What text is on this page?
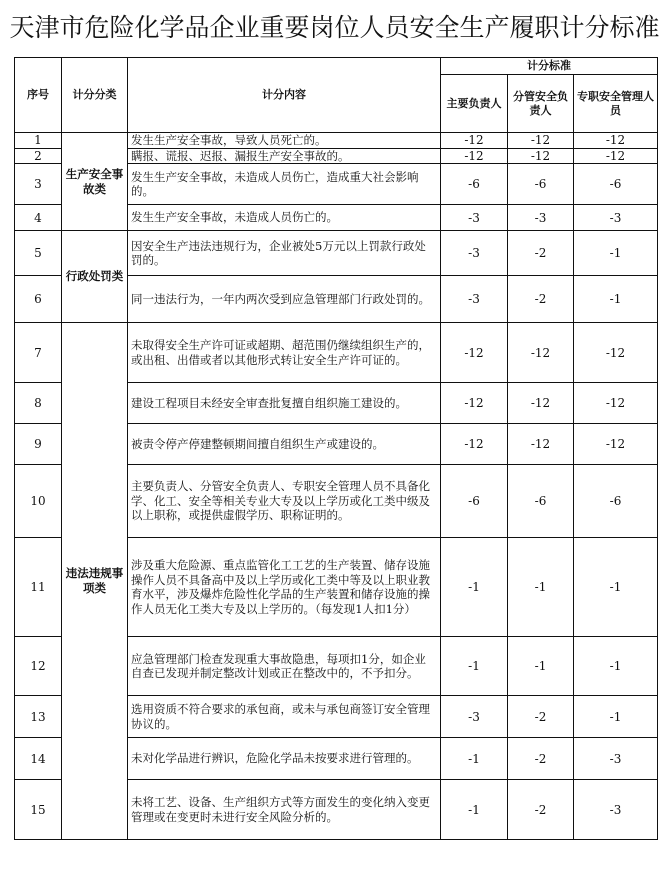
天津市危险化学品企业重要岗位人员安全生产履职计分标准
序号	计分分类	计分内容	计分标准		
			主要负责人	分管安全负责人	专职安全管理人员
1	生产安全事故类	发生生产安全事故，导致人员死亡的。	-12	-12	-12
2		瞒报、谎报、迟报、漏报生产安全事故的。	-12	-12	-12
3		发生生产安全事故，未造成人员伤亡，造成重大社会影响的。	-6	-6	-6
4		发生生产安全事故，未造成人员伤亡的。	-3	-3	-3
5	行政处罚类	因安全生产违法违规行为，企业被处5万元以上罚款行政处罚的。	-3	-2	-1
6		同一违法行为，一年内两次受到应急管理部门行政处罚的。	-3	-2	-1
7	违法违规事项类	未取得安全生产许可证或超期、超范围仍继续组织生产的，或出租、出借或者以其他形式转让安全生产许可证的。	-12	-12	-12
8		建设工程项目未经安全审查批复擅自组织施工建设的。	-12	-12	-12
9		被责令停产停建整顿期间擅自组织生产或建设的。	-12	-12	-12
10		主要负责人、分管安全负责人、专职安全管理人员不具备化学、化工、安全等相关专业大专及以上学历或化工类中级及以上职称，或提供虚假学历、职称证明的。	-6	-6	-6
11		涉及重大危险源、重点监管化工工艺的生产装置、储存设施操作人员不具备高中及以上学历或化工类中等及以上职业教育水平，涉及爆炸危险性化学品的生产装置和储存设施的操作人员无化工类大专及以上学历的。（每发现1人扣1分）	-1	-1	-1
12		应急管理部门检查发现重大事故隐患，每项扣1分，如企业自查已发现并制定整改计划或正在整改中的，不予扣分。	-1	-1	-1
13		选用资质不符合要求的承包商，或未与承包商签订安全管理协议的。	-3	-2	-1
14		未对化学品进行辨识，危险化学品未按要求进行管理的。	-1	-2	-3
15		未将工艺、设备、生产组织方式等方面发生的变化纳入变更管理或在变更时未进行安全风险分析的。	-1	-2	-3
